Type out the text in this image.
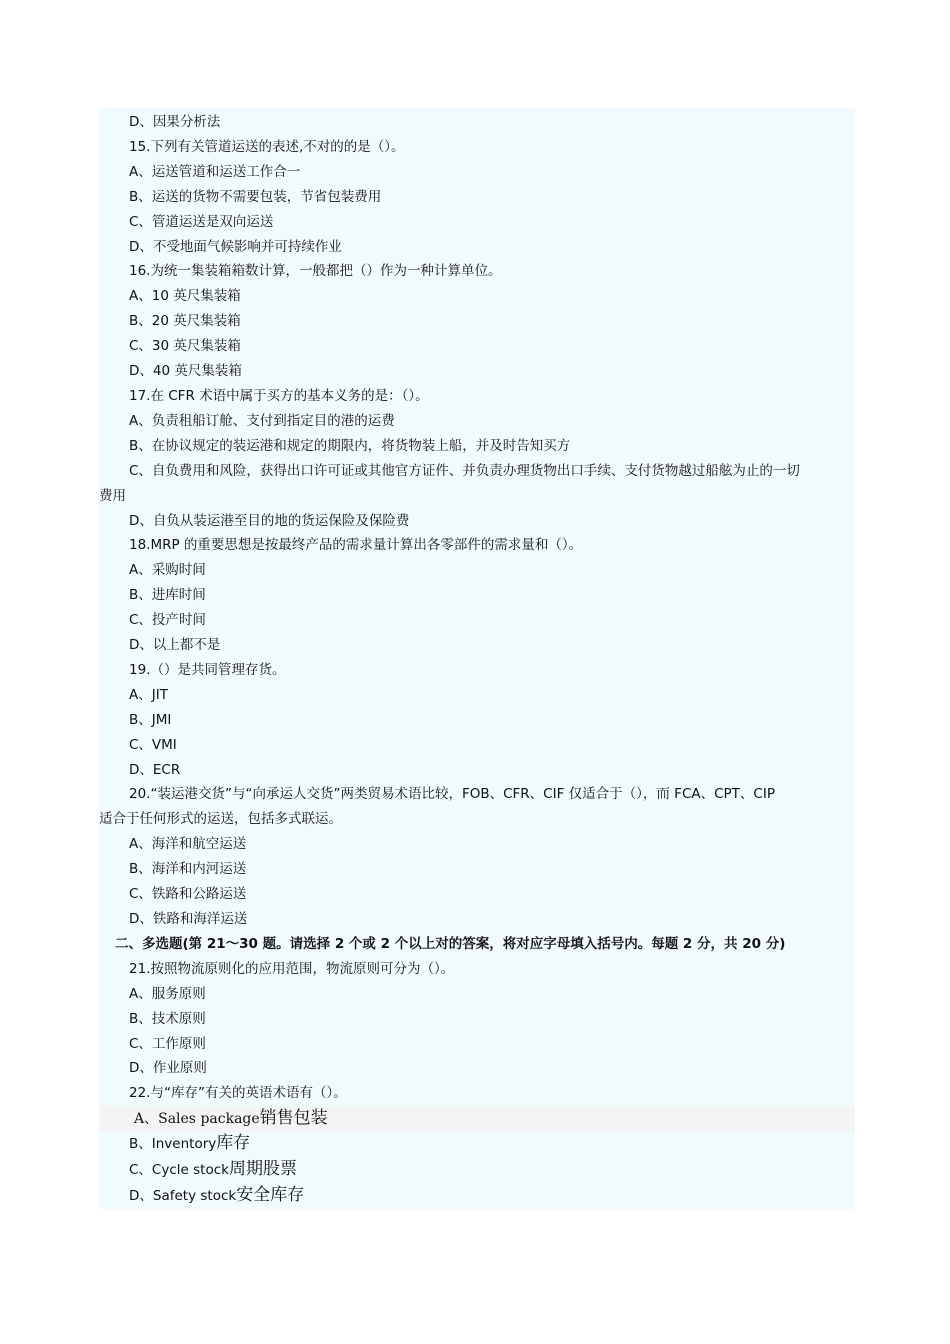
D、因果分析法
15.下列有关管道运送的表述,不对的的是（）。
A、运送管道和运送工作合一
B、运送的货物不需要包装，节省包装费用
C、管道运送是双向运送
D、不受地面气候影响并可持续作业
16.为统一集装箱箱数计算，一般都把（）作为一种计算单位。
A、10 英尺集装箱
B、20 英尺集装箱
C、30 英尺集装箱
D、40 英尺集装箱
17.在 CFR 术语中属于买方的基本义务的是：（）。
A、负责租船订舱、支付到指定目的港的运费
B、在协议规定的装运港和规定的期限内，将货物装上船，并及时告知买方
C、自负费用和风险，获得出口许可证或其他官方证件、并负责办理货物出口手续、支付货物越过船舷为止的一切
费用
D、自负从装运港至目的地的货运保险及保险费
18.MRP 的重要思想是按最终产品的需求量计算出各零部件的需求量和（）。
A、采购时间
B、进库时间
C、投产时间
D、以上都不是
19.（）是共同管理存货。
A、JIT
B、JMI
C、VMI
D、ECR
20.“装运港交货”与“向承运人交货”两类贸易术语比较，FOB、CFR、CIF 仅适合于（），而 FCA、CPT、CIP
适合于任何形式的运送，包括多式联运。
A、海洋和航空运送
B、海洋和内河运送
C、铁路和公路运送
D、铁路和海洋运送
二、多选题(第 21～30 题。请选择 2 个或 2 个以上对的答案，将对应字母填入括号内。每题 2 分，共 20 分)
21.按照物流原则化的应用范围，物流原则可分为（）。
A、服务原则
B、技术原则
C、工作原则
D、作业原则
22.与“库存”有关的英语术语有（）。
A、Sales package销售包装
B、Inventory库存
C、Cycle stock周期股票
D、Safety stock安全库存
